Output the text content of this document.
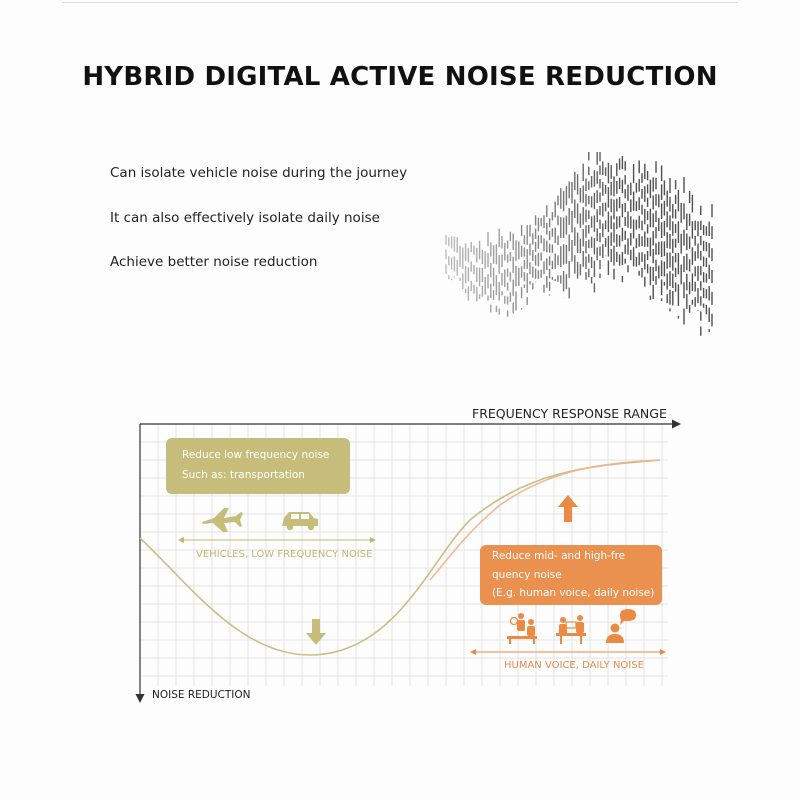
HYBRID DIGITAL ACTIVE NOISE REDUCTION
Can isolate vehicle noise during the journey
It can also effectively isolate daily noise
Achieve better noise reduction
FREQUENCY RESPONSE RANGE
NOISE REDUCTION
Reduce low frequency noise
Such as: transportation
Reduce mid- and high-fre
quency noise
(E.g. human voice, daily noise)
VEHICLES, LOW FREQUENCY NOISE
HUMAN VOICE, DAILY NOISE
